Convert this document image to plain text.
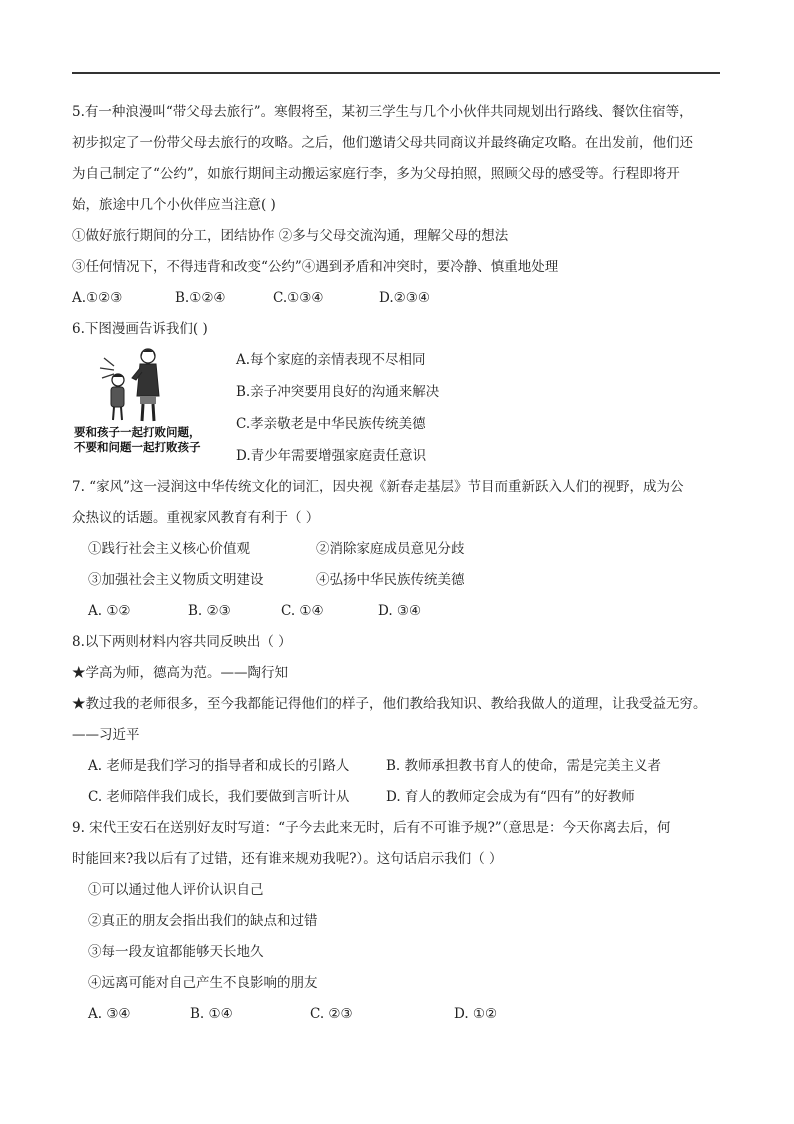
5.有一种浪漫叫“带父母去旅行”。寒假将至，某初三学生与几个小伙伴共同规划出行路线、餐饮住宿等，
初步拟定了一份带父母去旅行的攻略。之后，他们邀请父母共同商议并最终确定攻略。在出发前，他们还
为自己制定了“公约”，如旅行期间主动搬运家庭行李，多为父母拍照，照顾父母的感受等。行程即将开
始，旅途中几个小伙伴应当注意( )
①做好旅行期间的分工，团结协作 ②多与父母交流沟通，理解父母的想法
③任何情况下，不得违背和改变“公约”④遇到矛盾和冲突时，要冷静、慎重地处理
A.①②③	B.①②④	C.①③④	D.②③④
6.下图漫画告诉我们( )
要和孩子一起打败问题，
不要和问题一起打败孩子
A.每个家庭的亲情表现不尽相同
B.亲子冲突要用良好的沟通来解决
C.孝亲敬老是中华民族传统美德
D.青少年需要增强家庭责任意识
7. “家风”这一浸润这中华传统文化的词汇，因央视《新春走基层》节目而重新跃入人们的视野，成为公
众热议的话题。重视家风教育有利于（ ）
①践行社会主义核心价值观	②消除家庭成员意见分歧
③加强社会主义物质文明建设	④弘扬中华民族传统美德
A. ①②	B. ②③	C. ①④	D. ③④
8.以下两则材料内容共同反映出（ ）
★学高为师，德高为范。——陶行知
★教过我的老师很多，至今我都能记得他们的样子，他们教给我知识、教给我做人的道理，让我受益无穷。
——习近平
A. 老师是我们学习的指导者和成长的引路人	B. 教师承担教书育人的使命，需是完美主义者
C. 老师陪伴我们成长，我们要做到言听计从	D. 育人的教师定会成为有“四有”的好教师
9. 宋代王安石在送别好友时写道：“子今去此来无时，后有不可谁予规?”（意思是：今天你离去后，何
时能回来?我以后有了过错，还有谁来规劝我呢?）。这句话启示我们（ ）
①可以通过他人评价认识自己
②真正的朋友会指出我们的缺点和过错
③每一段友谊都能够天长地久
④远离可能对自己产生不良影响的朋友
A. ③④	B. ①④	C. ②③	D. ①②
